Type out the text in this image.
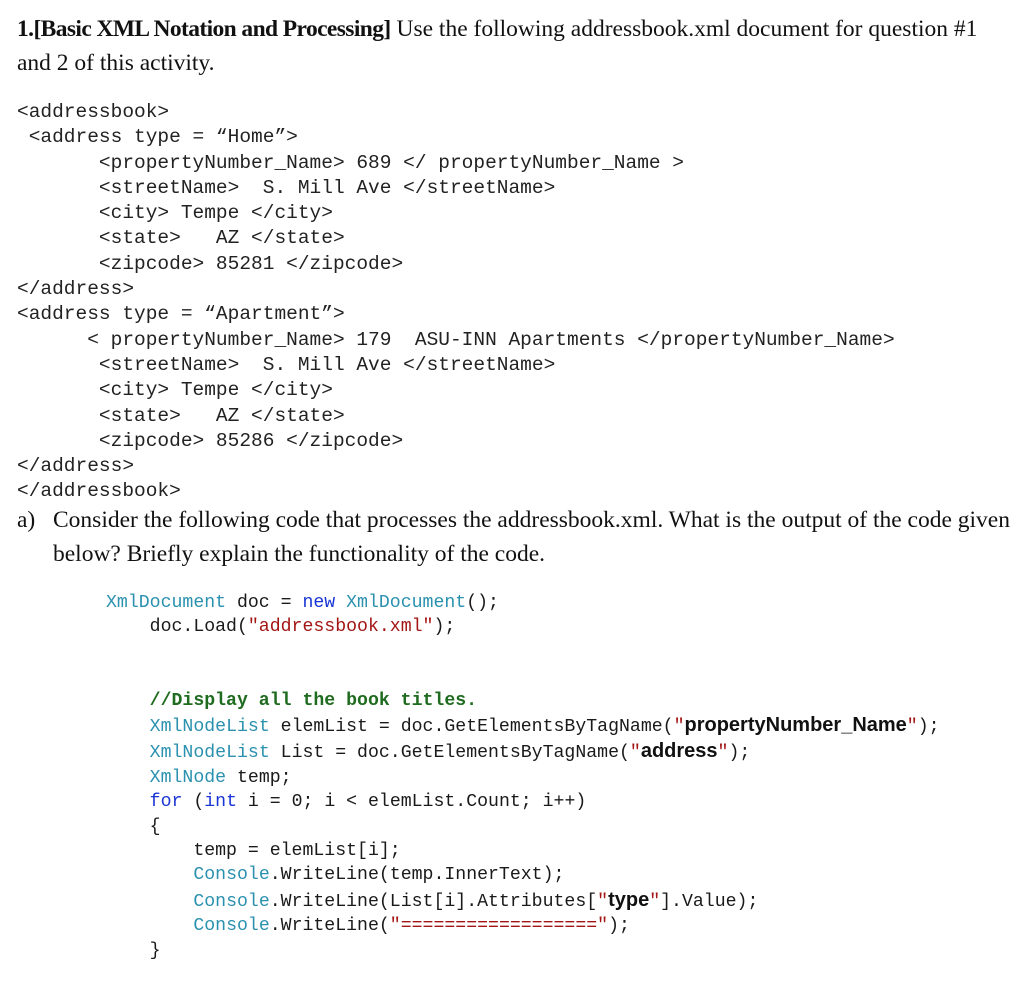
1.[Basic XML Notation and Processing] Use the following addressbook.xml document for question #1
and 2 of this activity.
<addressbook>
<address type = “Home”>
<propertyNumber_Name> 689 </ propertyNumber_Name >
<streetName>  S. Mill Ave </streetName>
<city> Tempe </city>
<state>   AZ </state>
<zipcode> 85281 </zipcode>
</address>
<address type = “Apartment”>
< propertyNumber_Name> 179  ASU-INN Apartments </propertyNumber_Name>
<streetName>  S. Mill Ave </streetName>
<city> Tempe </city>
<state>   AZ </state>
<zipcode> 85286 </zipcode>
</address>
</addressbook>
a) Consider the following code that processes the addressbook.xml. What is the output of the code given
below? Briefly explain the functionality of the code.
XmlDocument doc = new XmlDocument();
doc.Load("addressbook.xml");

//Display all the book titles.
XmlNodeList elemList = doc.GetElementsByTagName("propertyNumber_Name");
XmlNodeList List = doc.GetElementsByTagName("address");
XmlNode temp;
for (int i = 0; i < elemList.Count; i++)
{
temp = elemList[i];
Console.WriteLine(temp.InnerText);
Console.WriteLine(List[i].Attributes["type"].Value);
Console.WriteLine("==================");
}
